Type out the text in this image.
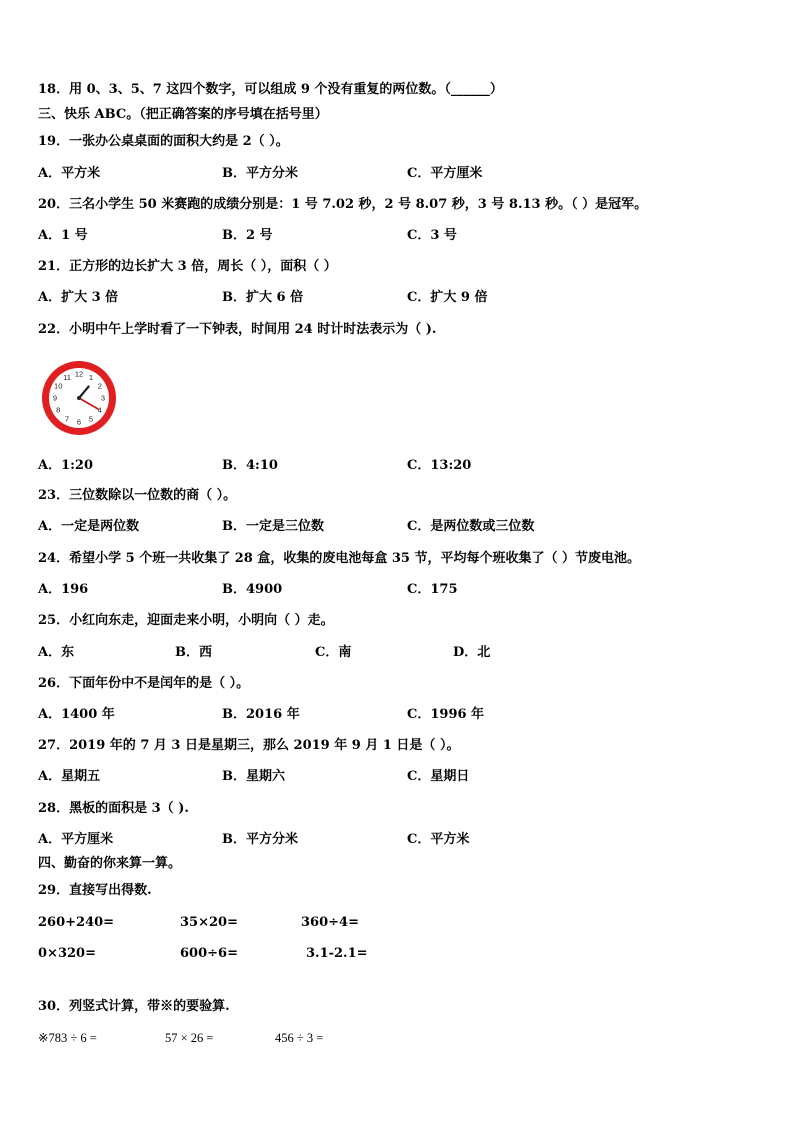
18．用 0、3、5、7 这四个数字，可以组成 9 个没有重复的两位数。（______）
三、快乐 ABC。（把正确答案的序号填在括号里）
19．一张办公桌桌面的面积大约是 2（ ）。
A．平方米	B．平方分米	C．平方厘米
20．三名小学生 50 米赛跑的成绩分别是：1 号 7.02 秒，2 号 8.07 秒，3 号 8.13 秒。（ ）是冠军。
A．1 号	B．2 号	C．3 号
21．正方形的边长扩大 3 倍，周长（ ），面积（ ）
A．扩大 3 倍	B．扩大 6 倍	C．扩大 9 倍
22．小明中午上学时看了一下钟表，时间用 24 时计时法表示为（ ).
12 1
2
3
4
5
6
7
8
9
10
11
A．1:20	B．4:10	C．13:20
23．三位数除以一位数的商（ ）。
A．一定是两位数	B．一定是三位数	C．是两位数或三位数
24．希望小学 5 个班一共收集了 28 盒，收集的废电池每盒 35 节，平均每个班收集了（ ）节废电池。
A．196	B．4900	C．175
25．小红向东走，迎面走来小明，小明向（ ）走。
A．东	B．西	C．南	D．北
26．下面年份中不是闰年的是（ ）。
A．1400 年	B．2016 年	C．1996 年
27．2019 年的 7 月 3 日是星期三，那么 2019 年 9 月 1 日是（ ）。
A．星期五	B．星期六	C．星期日
28．黑板的面积是 3（ ).
A．平方厘米	B．平方分米	C．平方米
四、勤奋的你来算一算。
29．直接写出得数.
260+240=	35×20=	360÷4=
0×320=	600÷6=	3.1-2.1=
30．列竖式计算，带※的要验算.
※783 ÷ 6 =	57 × 26 =	456 ÷ 3 =
